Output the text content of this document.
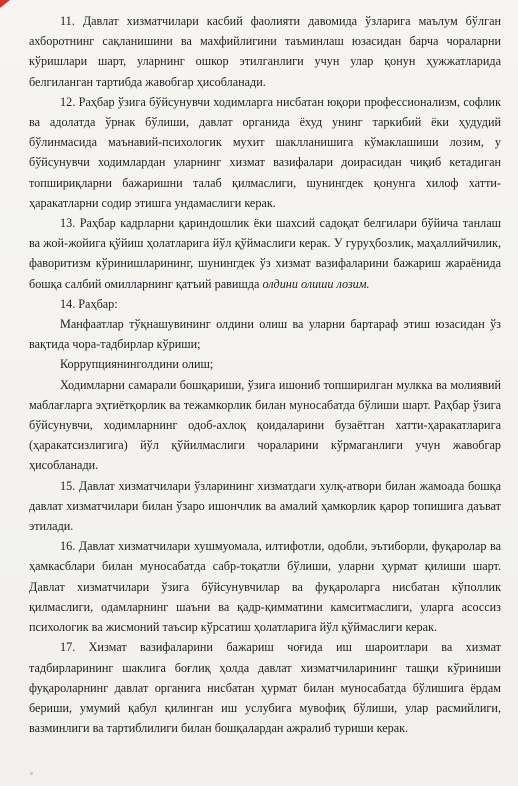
11. Давлат хизматчилари касбий фаолияти давомида ўзларига маълум бўлган ахборотнинг сақланишини ва махфийлигини таъминлаш юзасидан барча чораларни кўришлари шарт, уларнинг ошкор этилганлиги учун улар қонун ҳужжатларида белгиланган тартибда жавобгар ҳисобланади.

12. Раҳбар ўзига бўйсунувчи ходимларга нисбатан юқори профессионализм, софлик ва адолатда ўрнак бўлиши, давлат органида ёхуд унинг таркибий ёки ҳудудий бўлинмасида маънавий-психологик мухит шаклланишига кўмаклашиши лозим, у бўйсунувчи ходимлардан уларнинг хизмат вазифалари доирасидан чиқиб кетадиган топшириқларни бажаришни талаб қилмаслиги, шунингдек қонунга хилоф хатти-ҳаракатларни содир этишга ундамаслиги керак.

13. Раҳбар кадрларни қариндошлик ёки шахсий садоқат белгилари бўйича танлаш ва жой-жойига қўйиш ҳолатларига йўл қўймаслиги керак. У гуруҳбозлик, маҳаллийчилик, фаворитизм кўринишларининг, шунингдек ўз хизмат вазифаларини бажариш жараёнида бошқа салбий омилларнинг қатъий равишда олдини олиши лозим.

14. Раҳбар:

Манфаатлар тўқнашувининг олдини олиш ва уларни бартараф этиш юзасидан ўз вақтида чора-тадбирлар кўриши;

Коррупциянинголдини олиш;

Ходимларни самарали бошқариши, ўзига ишониб топширилган мулкка ва молиявий маблағларга эҳтиётқорлик ва тежамкорлик билан муносабатда бўлиши шарт. Раҳбар ўзига бўйсунувчи, ходимларнинг одоб-ахлоқ қоидаларини бузаётган хатти-ҳаракатларига (ҳаракатсизлигига) йўл қўйилмаслиги чораларини кўрмаганлиги учун жавобгар ҳисобланади.

15. Давлат хизматчилари ўзларининг хизматдаги хулқ-атвори билан жамоада бошқа давлат хизматчилари билан ўзаро ишончлик ва амалий ҳамкорлик қарор топишига даъват этилади.

16. Давлат хизматчилари хушмуомала, илтифотли, одобли, эътиборли, фуқаролар ва ҳамкасблари билан муносабатда сабр-тоқатли бўлиши, уларни ҳурмат қилиши шарт. Давлат хизматчилари ўзига бўйсунувчилар ва фуқароларга нисбатан кўполлик қилмаслиги, одамларнинг шаъни ва қадр-қимматини камситмаслиги, уларга асоссиз психологик ва жисмоний таъсир кўрсатиш ҳолатларига йўл қўймаслиги керак.

17. Хизмат вазифаларини бажариш чоғида иш шароитлари ва хизмат тадбирларининг шаклига боғлиқ ҳолда давлат хизматчиларининг ташқи кўриниши фуқароларнинг давлат органига нисбатан ҳурмат билан муносабатда бўлишига ёрдам бериши, умумий қабул қилинган иш услубига мувофиқ бўлиши, улар расмийлиги, вазминлиги ва тартиблилиги билан бошқалардан ажралиб туриши керак.
